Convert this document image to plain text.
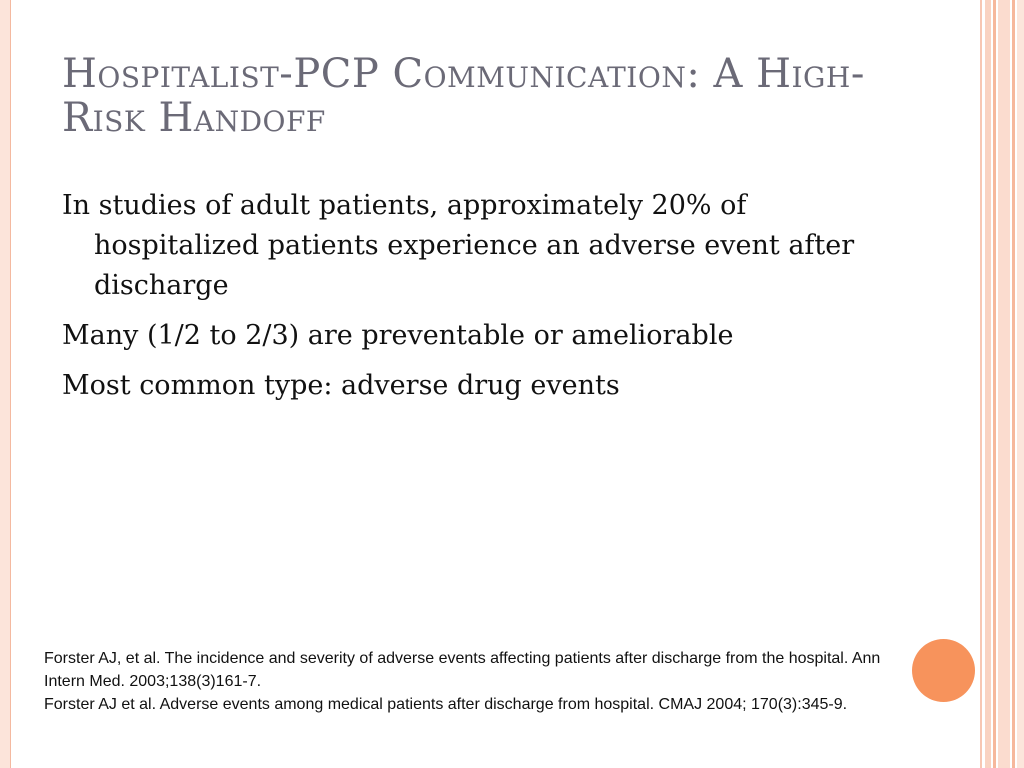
Hospitalist-PCP Communication: A High-Risk Handoff
In studies of adult patients, approximately 20% of hospitalized patients experience an adverse event after discharge
Many (1/2 to 2/3) are preventable or ameliorable
Most common type: adverse drug events
Forster AJ, et al. The incidence and severity of adverse events affecting patients after discharge from the hospital. Ann Intern Med. 2003;138(3)161-7.
Forster AJ et al. Adverse events among medical patients after discharge from hospital. CMAJ 2004; 170(3):345-9.
